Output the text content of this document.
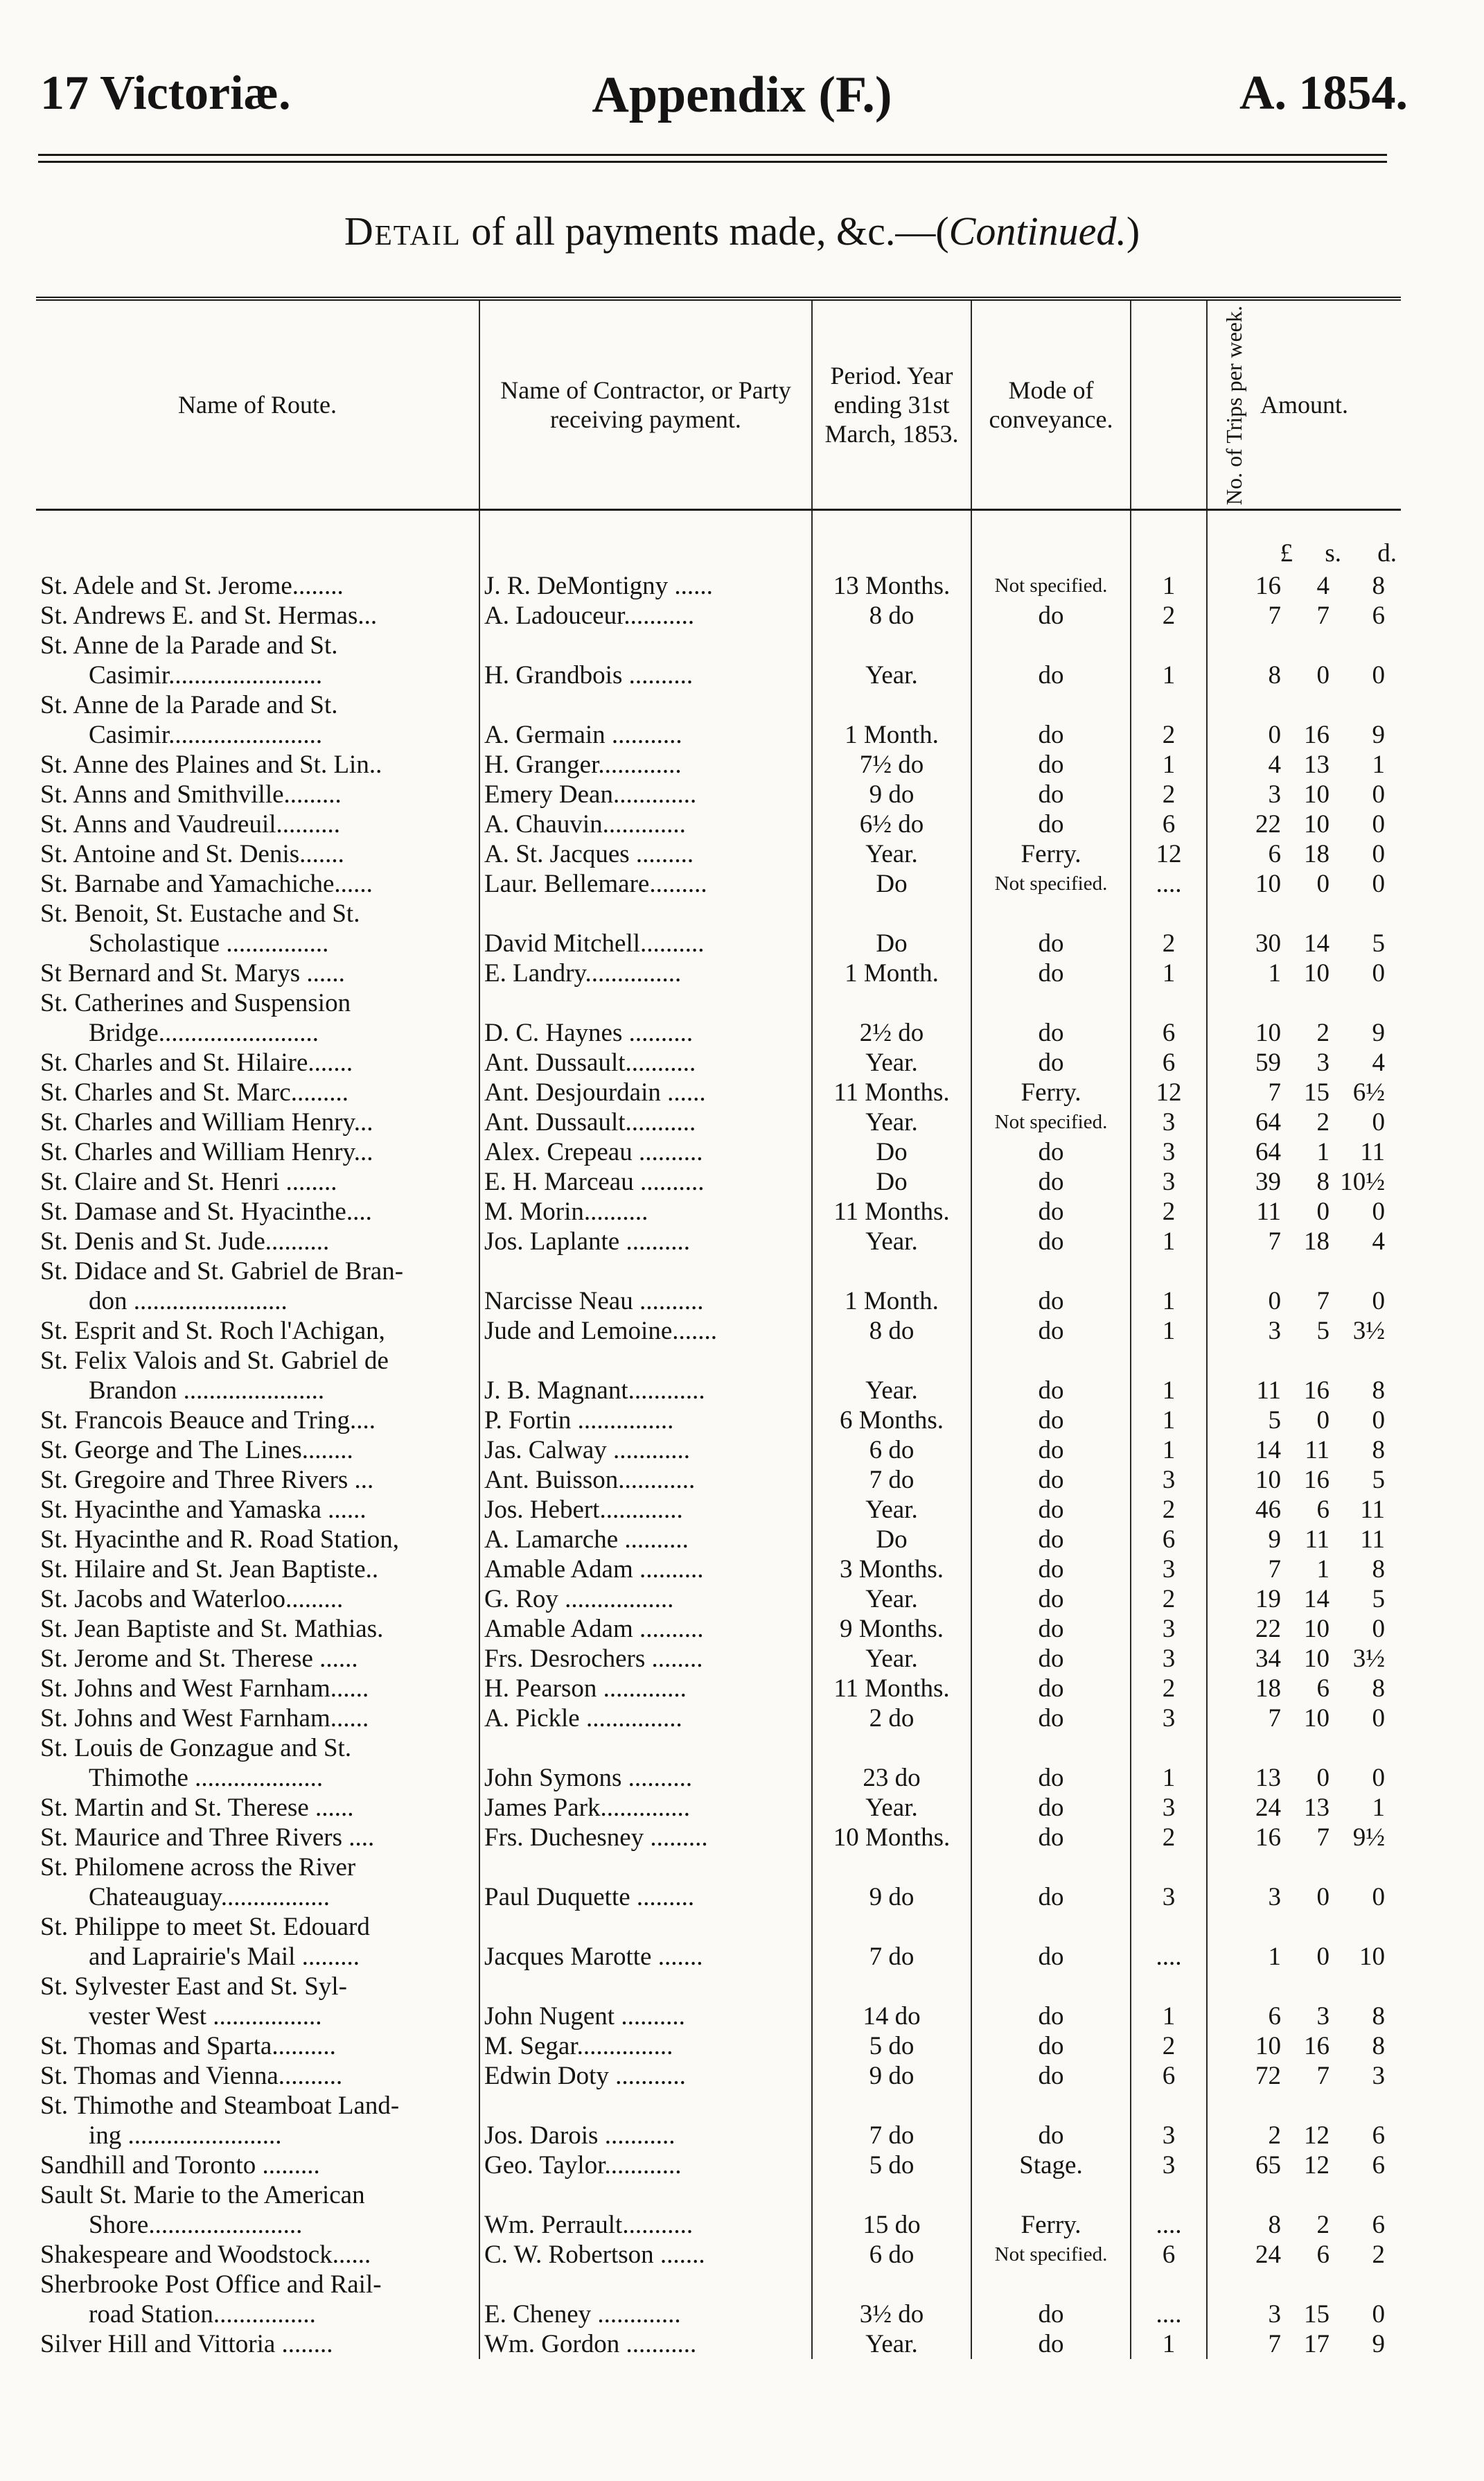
17 Victoriæ.	Appendix (F.)	A. 1854.
Detail of all payments made, &c.—(Continued.)
Name of Route.	Name of Contractor, or Party receiving payment.	Period. Year ending 31st March, 1853.	Mode of conveyance.	No. of Trips per week.	Amount.

					£ s. d.
St. Adele and St. Jerome........	J. R. DeMontigny ......	13 Months.	Not specified.	1	16 4 8
St. Andrews E. and St. Hermas...	A. Ladouceur...........	8 do	do	2	7 7 6
St. Anne de la Parade and St.
Casimir........................	H. Grandbois ..........	Year.	do	1	8 0 0
St. Anne de la Parade and St.
Casimir........................	A. Germain ...........	1 Month.	do	2	0 16 9
St. Anne des Plaines and St. Lin..	H. Granger.............	7½ do	do	1	4 13 1
St. Anns and Smithville.........	Emery Dean.............	9 do	do	2	3 10 0
St. Anns and Vaudreuil..........	A. Chauvin.............	6½ do	do	6	22 10 0
St. Antoine and St. Denis.......	A. St. Jacques .........	Year.	Ferry.	12	6 18 0
St. Barnabe and Yamachiche......	Laur. Bellemare.........	Do	Not specified.	....	10 0 0
St. Benoit, St. Eustache and St.
Scholastique ................	David Mitchell..........	Do	do	2	30 14 5
St Bernard and St. Marys ......	E. Landry...............	1 Month.	do	1	1 10 0
St. Catherines and Suspension
Bridge.........................	D. C. Haynes ..........	2½ do	do	6	10 2 9
St. Charles and St. Hilaire.......	Ant. Dussault...........	Year.	do	6	59 3 4
St. Charles and St. Marc.........	Ant. Desjourdain ......	11 Months.	Ferry.	12	7 15 6½
St. Charles and William Henry...	Ant. Dussault...........	Year.	Not specified.	3	64 2 0
St. Charles and William Henry...	Alex. Crepeau ..........	Do	do	3	64 1 11
St. Claire and St. Henri ........	E. H. Marceau ..........	Do	do	3	39 8 10½
St. Damase and St. Hyacinthe....	M. Morin..........	11 Months.	do	2	11 0 0
St. Denis and St. Jude..........	Jos. Laplante ..........	Year.	do	1	7 18 4
St. Didace and St. Gabriel de Bran-
don ........................	Narcisse Neau ..........	1 Month.	do	1	0 7 0
St. Esprit and St. Roch l'Achigan,	Jude and Lemoine.......	8 do	do	1	3 5 3½
St. Felix Valois and St. Gabriel de
Brandon ......................	J. B. Magnant............	Year.	do	1	11 16 8
St. Francois Beauce and Tring....	P. Fortin ...............	6 Months.	do	1	5 0 0
St. George and The Lines........	Jas. Calway ............	6 do	do	1	14 11 8
St. Gregoire and Three Rivers ...	Ant. Buisson............	7 do	do	3	10 16 5
St. Hyacinthe and Yamaska ......	Jos. Hebert.............	Year.	do	2	46 6 11
St. Hyacinthe and R. Road Station,	A. Lamarche ..........	Do	do	6	9 11 11
St. Hilaire and St. Jean Baptiste..	Amable Adam ..........	3 Months.	do	3	7 1 8
St. Jacobs and Waterloo.........	G. Roy .................	Year.	do	2	19 14 5
St. Jean Baptiste and St. Mathias.	Amable Adam ..........	9 Months.	do	3	22 10 0
St. Jerome and St. Therese ......	Frs. Desrochers ........	Year.	do	3	34 10 3½
St. Johns and West Farnham......	H. Pearson .............	11 Months.	do	2	18 6 8
St. Johns and West Farnham......	A. Pickle ...............	2 do	do	3	7 10 0
St. Louis de Gonzague and St.
Thimothe ....................	John Symons ..........	23 do	do	1	13 0 0
St. Martin and St. Therese ......	James Park..............	Year.	do	3	24 13 1
St. Maurice and Three Rivers ....	Frs. Duchesney .........	10 Months.	do	2	16 7 9½
St. Philomene across the River
Chateauguay.................	Paul Duquette .........	9 do	do	3	3 0 0
St. Philippe to meet St. Edouard
and Laprairie's Mail .........	Jacques Marotte .......	7 do	do	....	1 0 10
St. Sylvester East and St. Syl-
vester West .................	John Nugent ..........	14 do	do	1	6 3 8
St. Thomas and Sparta..........	M. Segar...............	5 do	do	2	10 16 8
St. Thomas and Vienna..........	Edwin Doty ...........	9 do	do	6	72 7 3
St. Thimothe and Steamboat Land-
ing ........................	Jos. Darois ...........	7 do	do	3	2 12 6
Sandhill and Toronto .........	Geo. Taylor............	5 do	Stage.	3	65 12 6
Sault St. Marie to the American
Shore........................	Wm. Perrault...........	15 do	Ferry.	....	8 2 6
Shakespeare and Woodstock......	C. W. Robertson .......	6 do	Not specified.	6	24 6 2
Sherbrooke Post Office and Rail-
road Station................	E. Cheney .............	3½ do	do	....	3 15 0
Silver Hill and Vittoria ........	Wm. Gordon ...........	Year.	do	1	7 17 9
